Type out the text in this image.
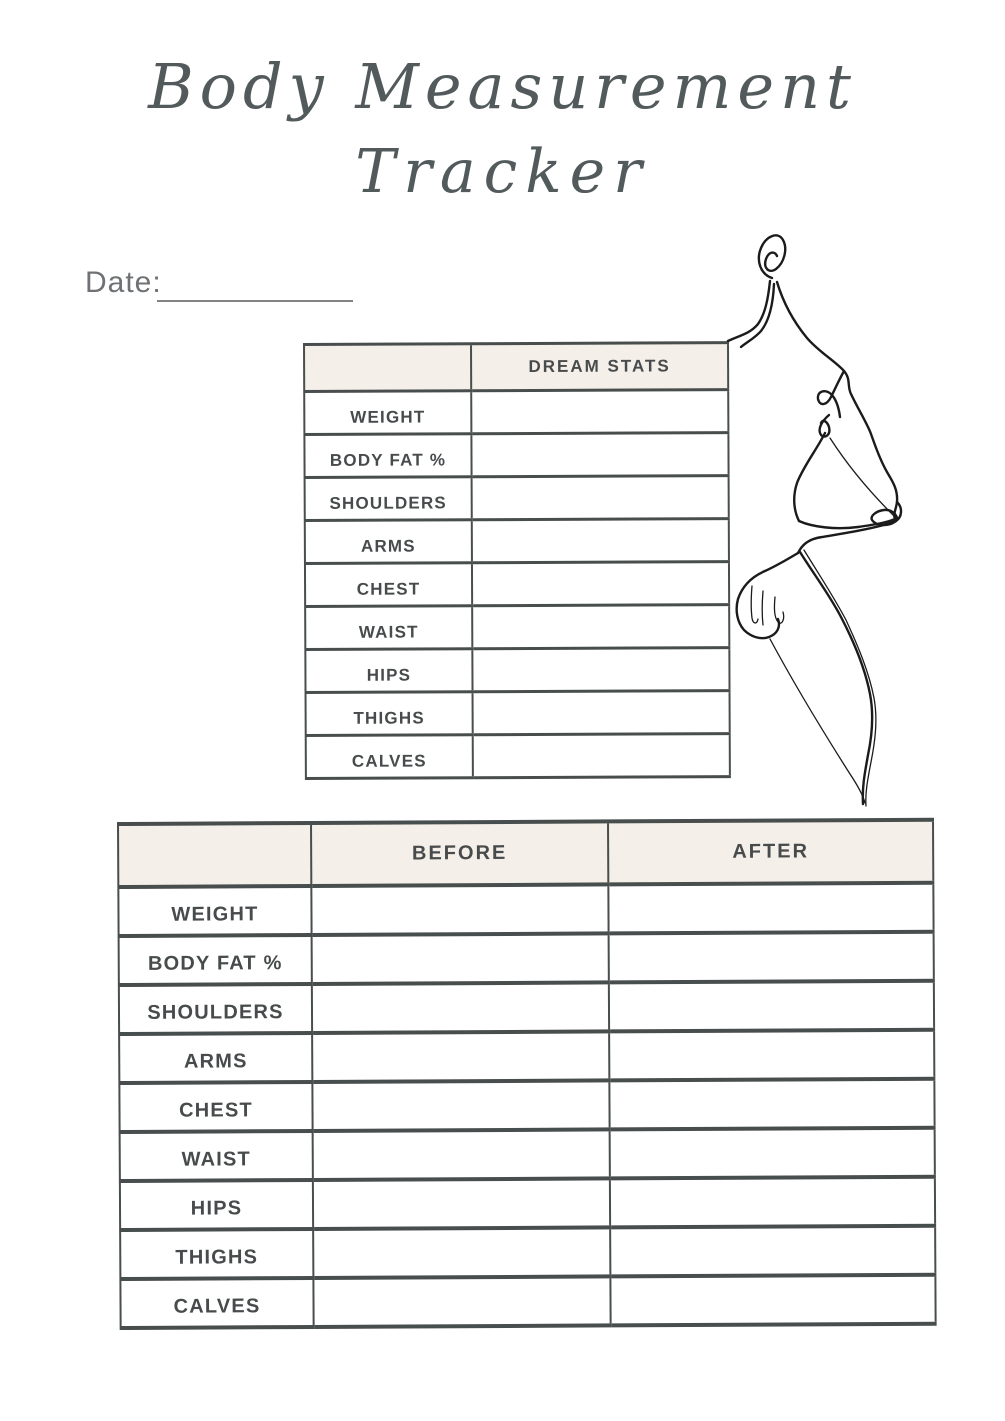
Body Measurement
Tracker
Date:
	DREAM STATS
WEIGHT	
BODY FAT %	
SHOULDERS	
ARMS	
CHEST	
WAIST	
HIPS	
THIGHS	
CALVES	
	BEFORE	AFTER
WEIGHT		
BODY FAT %		
SHOULDERS		
ARMS		
CHEST		
WAIST		
HIPS		
THIGHS		
CALVES		
